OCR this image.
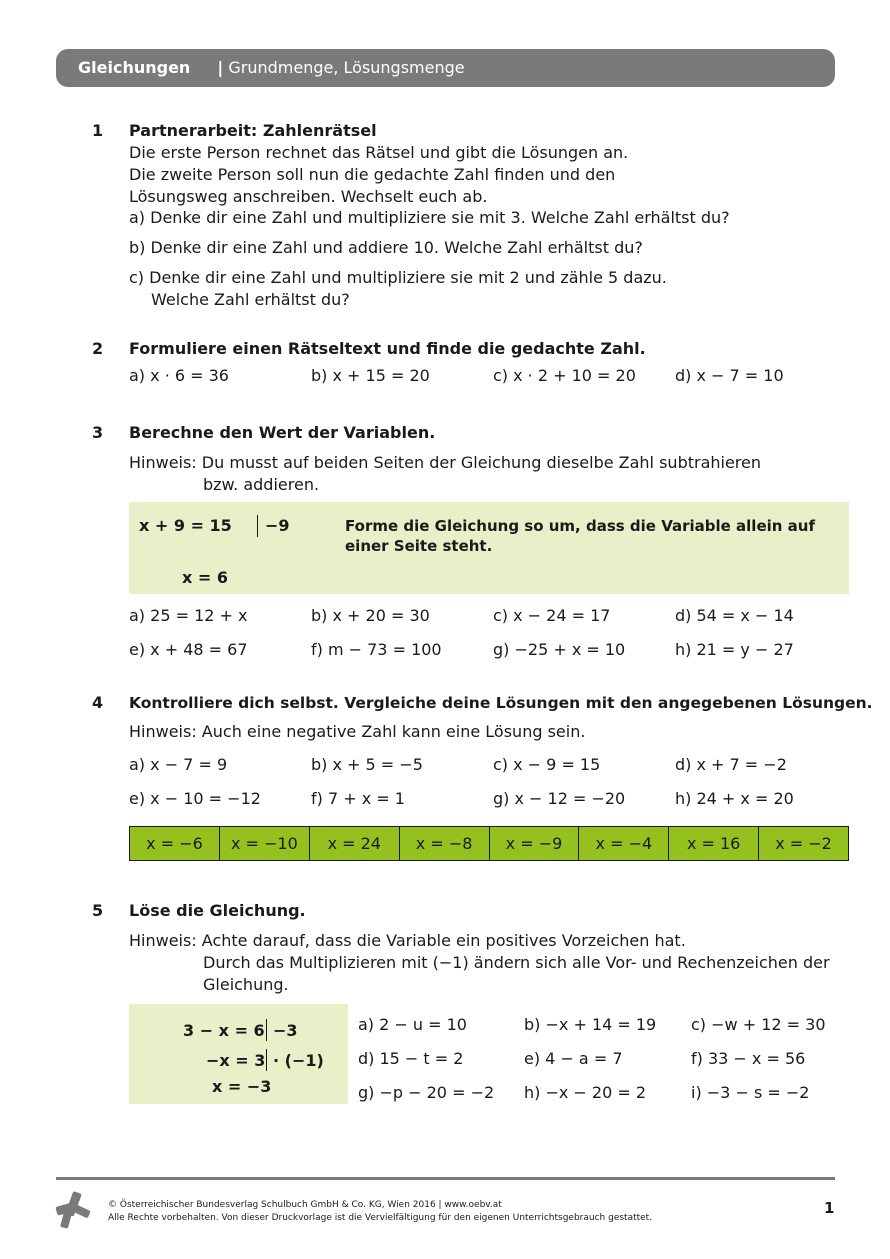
Gleichungen | Grundmenge, Lösungsmenge
1 Partnerarbeit: Zahlenrätsel
Die erste Person rechnet das Rätsel und gibt die Lösungen an.
Die zweite Person soll nun die gedachte Zahl finden und den
Lösungsweg anschreiben. Wechselt euch ab.
a) Denke dir eine Zahl und multipliziere sie mit 3. Welche Zahl erhältst du?
b) Denke dir eine Zahl und addiere 10. Welche Zahl erhältst du?
c) Denke dir eine Zahl und multipliziere sie mit 2 und zähle 5 dazu.
Welche Zahl erhältst du?
2 Formuliere einen Rätseltext und finde die gedachte Zahl.
a) x · 6 = 36	b) x + 15 = 20	c) x · 2 + 10 = 20 d) x − 7 = 10
3 Berechne den Wert der Variablen.
Hinweis: Du musst auf beiden Seiten der Gleichung dieselbe Zahl subtrahieren
bzw. addieren.
x + 9 = 15 −9
x = 6
Forme die Gleichung so um, dass die Variable allein auf
einer Seite steht.
a) 25 = 12 + x	b) x + 20 = 30	c) x − 24 = 17	d) 54 = x − 14
e) x + 48 = 67	f) m − 73 = 100	g) −25 + x = 10	h) 21 = y − 27
4 Kontrolliere dich selbst. Vergleiche deine Lösungen mit den angegebenen Lösungen.
Hinweis: Auch eine negative Zahl kann eine Lösung sein.
a) x − 7 = 9	b) x + 5 = −5	c) x − 9 = 15	d) x + 7 = −2
e) x − 10 = −12	f) 7 + x = 1	g) x − 12 = −20	h) 24 + x = 20
x = −6	x = −10	x = 24	x = −8	x = −9	x = −4	x = 16	x = −2
5 Löse die Gleichung.
Hinweis: Achte darauf, dass die Variable ein positives Vorzeichen hat.
Durch das Multiplizieren mit (−1) ändern sich alle Vor- und Rechenzeichen der
Gleichung.
3 − x = 6 −3
−x = 3 · (−1)
x = −3
a) 2 − u = 10	b) −x + 14 = 19 c) −w + 12 = 30
d) 15 − t = 2	e) 4 − a = 7	f) 33 − x = 56
g) −p − 20 = −2 h) −x − 20 = 2	i) −3 − s = −2
© Österreichischer Bundesverlag Schulbuch GmbH & Co. KG, Wien 2016 | www.oebv.at
Alle Rechte vorbehalten. Von dieser Druckvorlage ist die Vervielfältigung für den eigenen Unterrichtsgebrauch gestattet.
1
